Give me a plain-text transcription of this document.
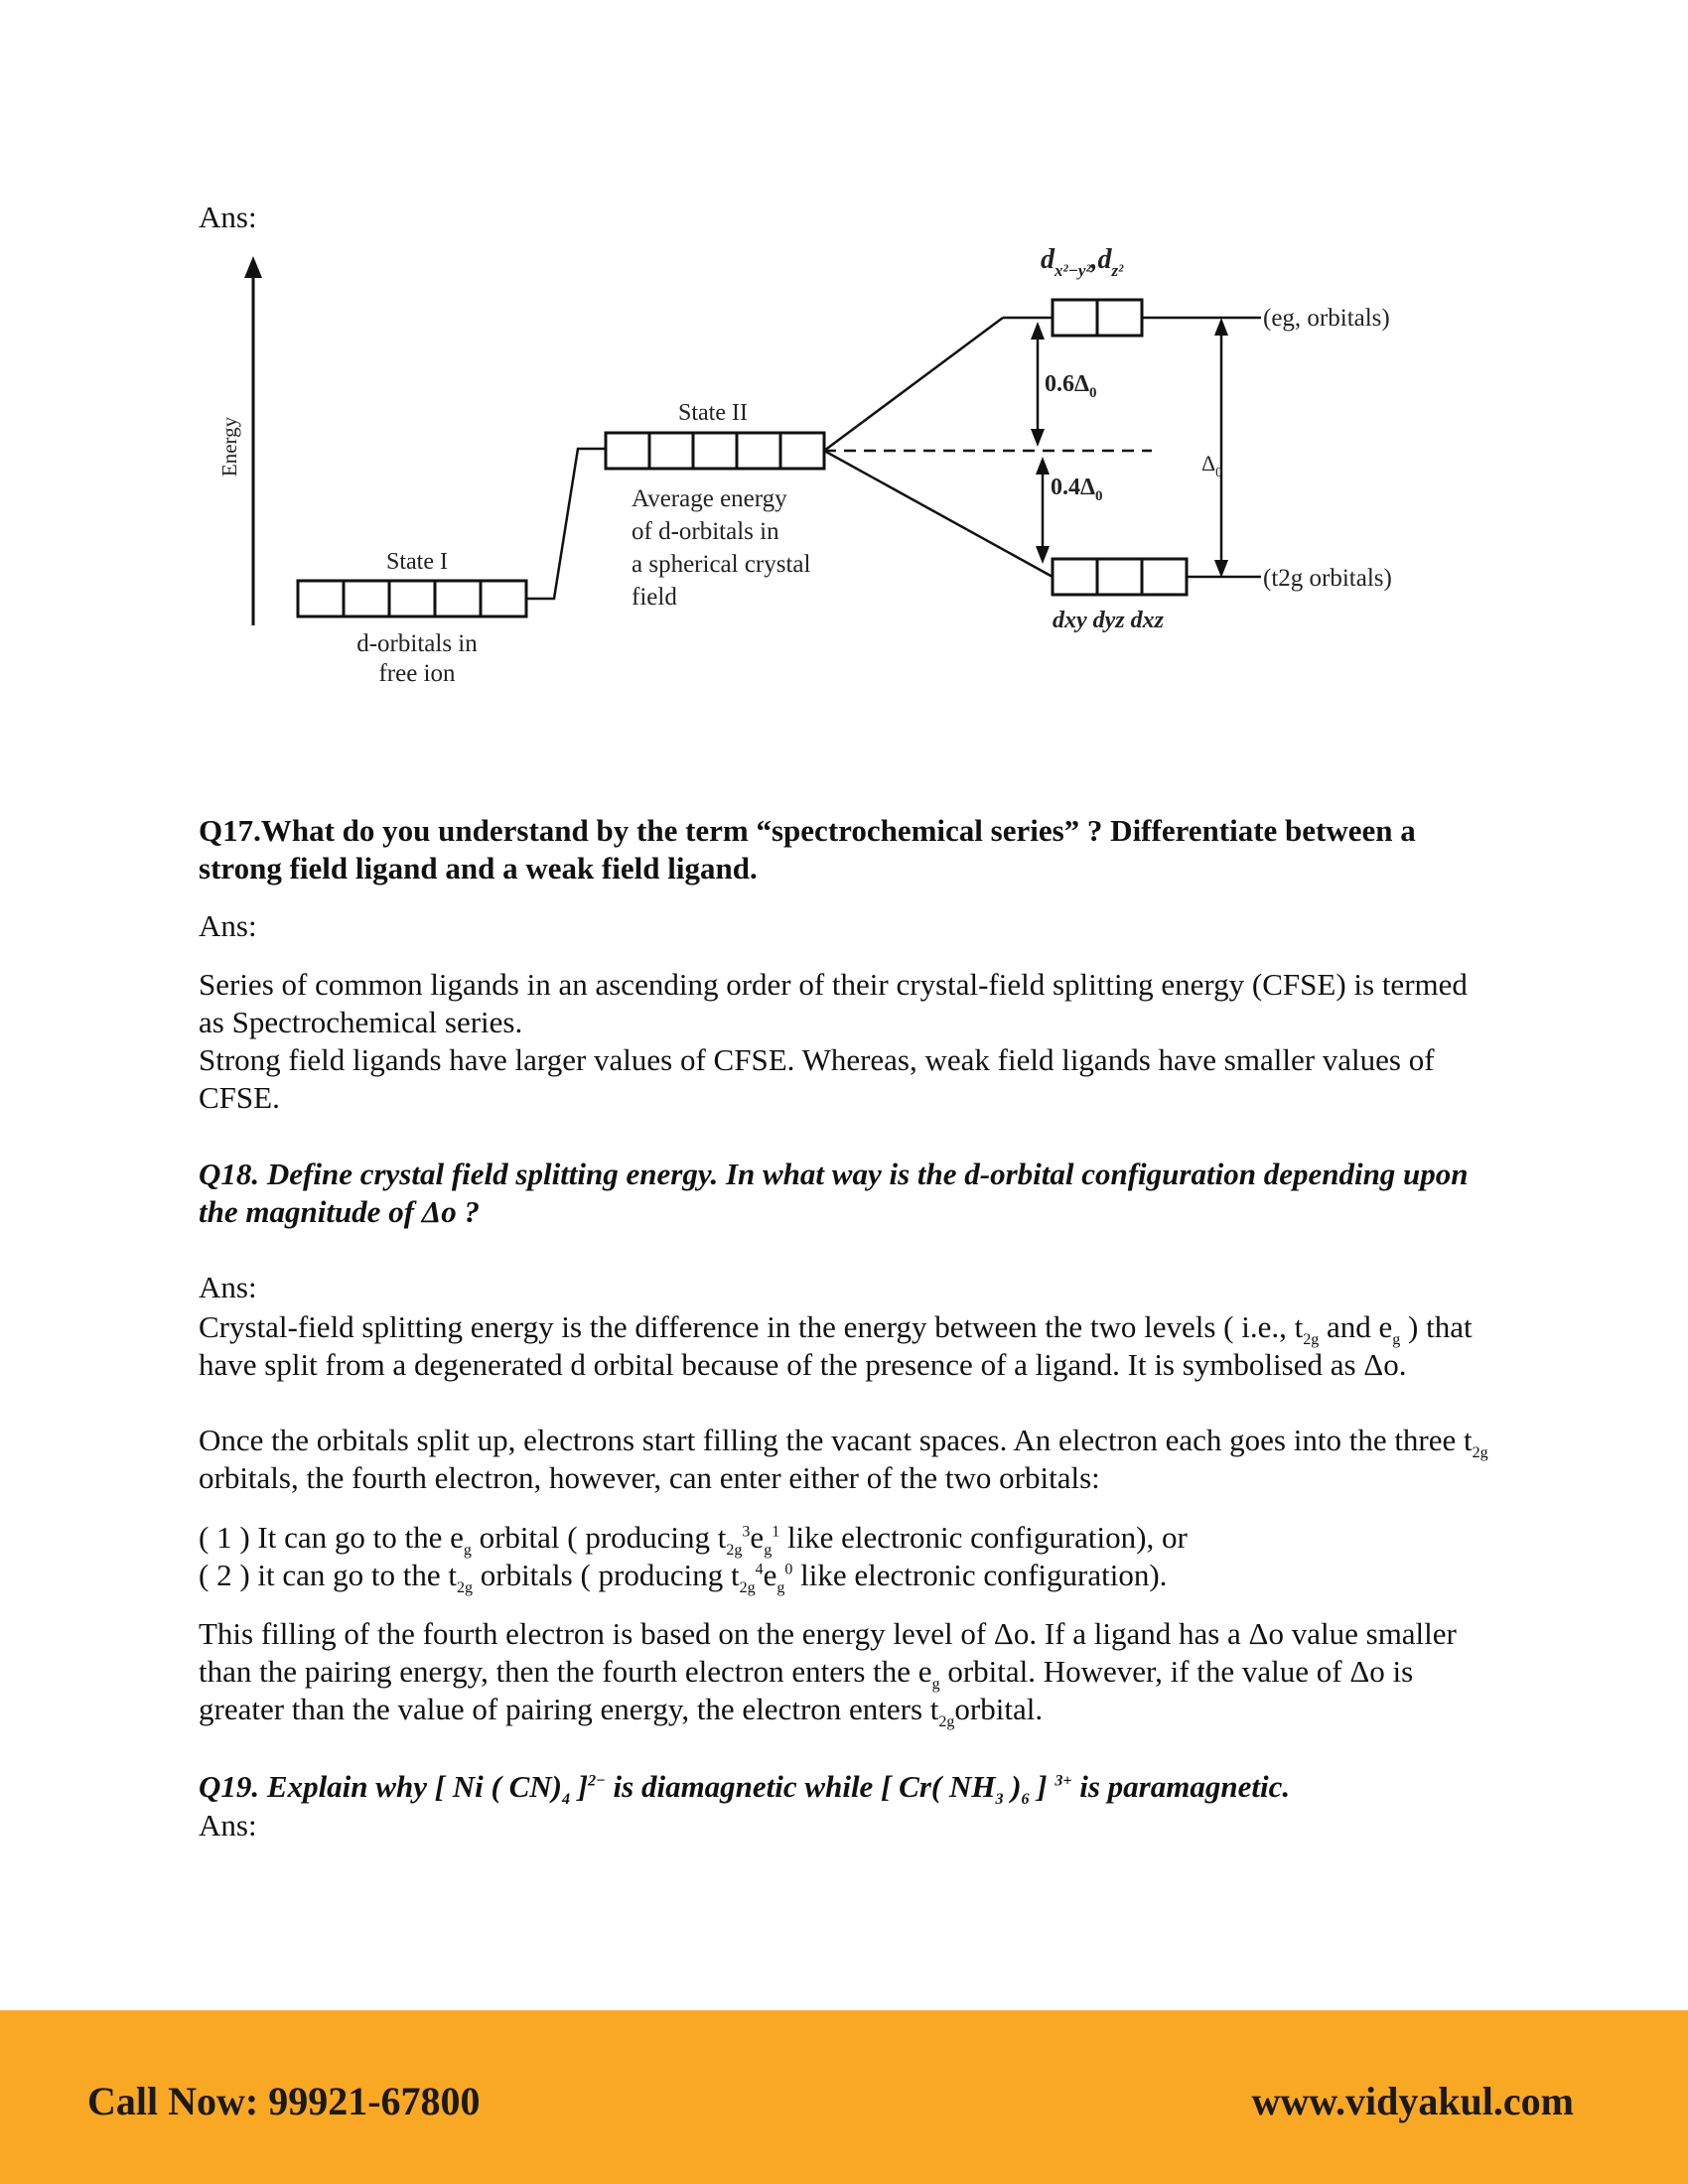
Ans:

Energy
State I
d-orbitals in
free ion
State II
Average energy
of d-orbitals in
a spherical crystal
field
$d_{x^2-y^2},d_{z^2}$
(eg, orbitals)
dxy dyz dxz
(t2g orbitals)
$0.6\Delta_0$
$0.4\Delta_0$
$\Delta_0$

Q17.What do you understand by the term “spectrochemical series” ? Differentiate between a strong field ligand and a weak field ligand.

Ans:

Series of common ligands in an ascending order of their crystal-field splitting energy (CFSE) is termed as Spectrochemical series.

Strong field ligands have larger values of CFSE. Whereas, weak field ligands have smaller values of CFSE.

Q18. Define crystal field splitting energy. In what way is the d-orbital configuration depending upon the magnitude of Δo ?

Ans:

Crystal-field splitting energy is the difference in the energy between the two levels ( i.e., $t_{2g}$ and $e_g$ ) that have split from a degenerated d orbital because of the presence of a ligand. It is symbolised as Δo.

Once the orbitals split up, electrons start filling the vacant spaces. An electron each goes into the three $t_{2g}$ orbitals, the fourth electron, however, can enter either of the two orbitals:

( 1 ) It can go to the $e_g$ orbital ( producing $t_{2g}^3e_g^1$ like electronic configuration), or

( 2 ) it can go to the $t_{2g}$ orbitals ( producing $t_{2g}^4e_g^0$ like electronic configuration).

This filling of the fourth electron is based on the energy level of Δo. If a ligand has a Δo value smaller than the pairing energy, then the fourth electron enters the $e_g$ orbital. However, if the value of Δo is greater than the value of pairing energy, the electron enters $t_{2g}orbital$.

Q19. Explain why [ Ni ( $CN)_4$ ]$^{2-}$ is diamagnetic while [ Cr( $NH_3$ )$_6$ ] $^{3+}$ is paramagnetic.

Ans:

Call Now: 99921-67800	www.vidyakul.com
